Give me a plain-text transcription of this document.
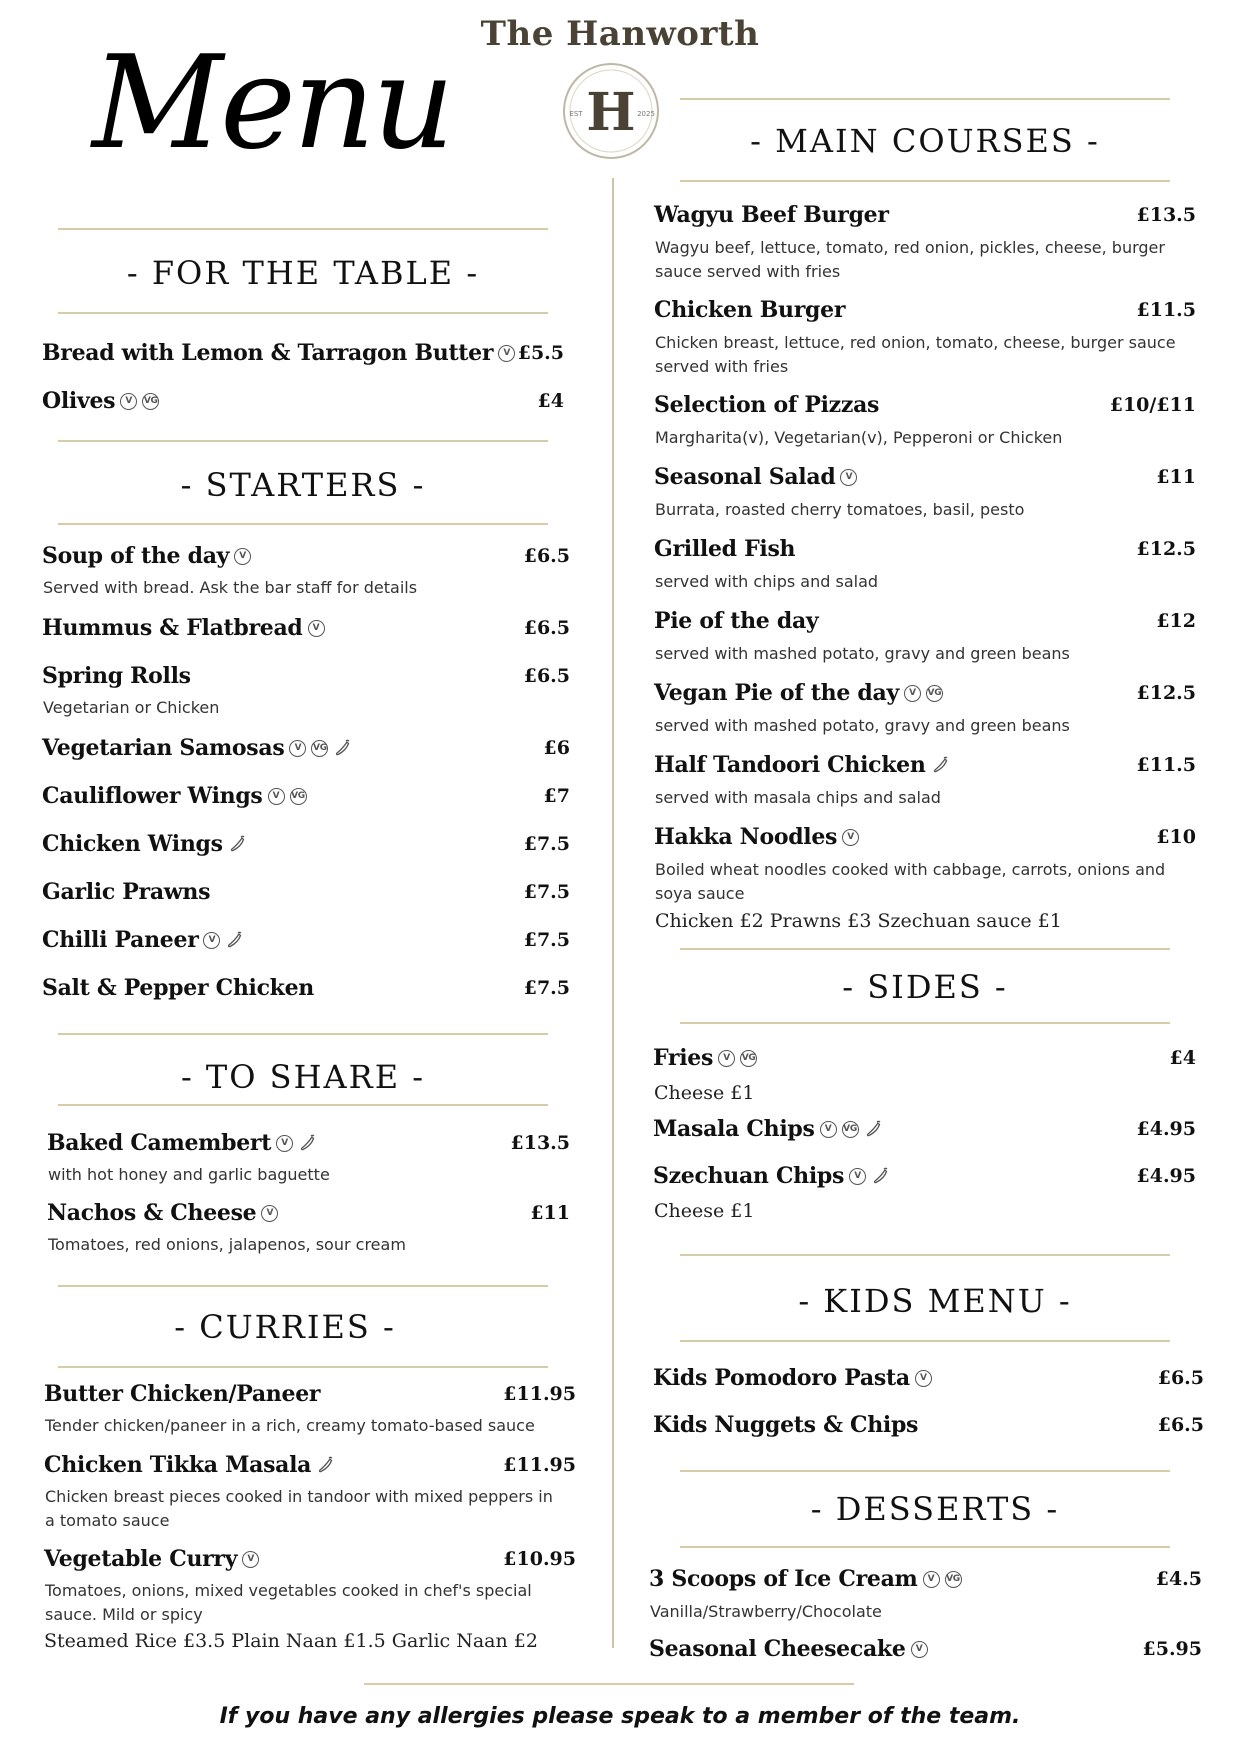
The Hanworth
H
EST	2025
Menu
- FOR THE TABLE -
Bread with Lemon & Tarragon Butter	V £5.5
Olives	V	VG	£4
- STARTERS -
Soup of the day	V	£6.5
Served with bread. Ask the bar staff for details
Hummus & Flatbread	V	£6.5
Spring Rolls	£6.5
Vegetarian or Chicken
Vegetarian Samosas	V	VG	£6
Cauliflower Wings	V	VG	£7
Chicken Wings	£7.5
Garlic Prawns	£7.5
Chilli Paneer	V	£7.5
Salt & Pepper Chicken	£7.5
- TO SHARE -
Baked Camembert	V	£13.5
with hot honey and garlic baguette
Nachos & Cheese	V	£11
Tomatoes, red onions, jalapenos, sour cream
- CURRIES -
Butter Chicken/Paneer	£11.95
Tender chicken/paneer in a rich, creamy tomato-based sauce
Chicken Tikka Masala	£11.95
Chicken breast pieces cooked in tandoor with mixed peppers in
a tomato sauce
Vegetable Curry	V	£10.95
Tomatoes, onions, mixed vegetables cooked in chef's special
sauce. Mild or spicy
Steamed Rice £3.5 Plain Naan £1.5 Garlic Naan £2
- MAIN COURSES -
Wagyu Beef Burger	£13.5
Wagyu beef, lettuce, tomato, red onion, pickles, cheese, burger
sauce served with fries
Chicken Burger	£11.5
Chicken breast, lettuce, red onion, tomato, cheese, burger sauce
served with fries
Selection of Pizzas	£10/£11
Margharita(v), Vegetarian(v), Pepperoni or Chicken
Seasonal Salad	V	£11
Burrata, roasted cherry tomatoes, basil, pesto
Grilled Fish	£12.5
served with chips and salad
Pie of the day	£12
served with mashed potato, gravy and green beans
Vegan Pie of the day	V	VG	£12.5
served with mashed potato, gravy and green beans
Half Tandoori Chicken	£11.5
served with masala chips and salad
Hakka Noodles	V	£10
Boiled wheat noodles cooked with cabbage, carrots, onions and
soya sauce
Chicken £2 Prawns £3 Szechuan sauce £1
- SIDES -
Fries	V	VG	£4
Cheese £1
Masala Chips	V	VG	£4.95
Szechuan Chips	V	£4.95
Cheese £1
- KIDS MENU -
Kids Pomodoro Pasta	V	£6.5
Kids Nuggets & Chips	£6.5
- DESSERTS -
3 Scoops of Ice Cream	V	VG	£4.5
Vanilla/Strawberry/Chocolate
Seasonal Cheesecake	V	£5.95
If you have any allergies please speak to a member of the team.
